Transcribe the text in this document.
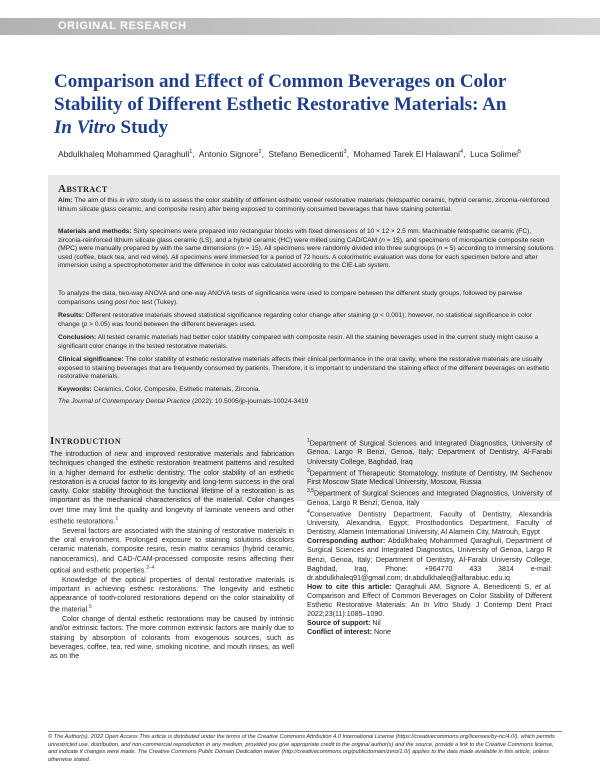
ORIGINAL RESEARCH
Comparison and Effect of Common Beverages on Color
Stability of Different Esthetic Restorative Materials: An
In Vitro Study
Abdulkhaleq Mohammed Qaraghuli$^1$,  Antonio Signore$^2$,  Stefano Benedicenti$^3$,  Mohamed Tarek El Halawani$^4$,  Luca Solimei$^5$
Abstract

Aim: The aim of this in vitro study is to assess the color stability of different esthetic veneer restorative materials (feldspathic ceramic, hybrid ceramic, zirconia-reinforced lithium silicate glass ceramic, and composite resin) after being exposed to commonly consumed beverages that have staining potential.

Materials and methods: Sixty specimens were prepared into rectangular blocks with fixed dimensions of 10 × 12 × 2.5 mm. Machinable feldspathic ceramic (FC), zirconia-reinforced lithium silicate glass ceramic (LS), and a hybrid ceramic (HC) were milled using CAD/CAM (n = 15), and specimens of microparticle composite resin (MPC) were manually prepared by with the same dimensions (n = 15). All specimens were randomly divided into three subgroups (n = 5) according to immersing solutions used (coffee, black tea, and red wine). All specimens were immersed for a period of 72 hours. A colorimetric evaluation was done for each specimen before and after immersion using a spectrophotometer and the difference in color was calculated according to the CIE-Lab system.

To analyze the data, two-way ANOVA and one-way ANOVA tests of significance were used to compare between the different study groups, followed by pairwise comparisons using post hoc test (Tukey).

Results: Different restorative materials showed statistical significance regarding color change after staining (p < 0.001); however, no statistical significance in color change (p > 0.05) was found between the different beverages used.

Conclusion: All tested ceramic materials had better color stability compared with composite resin. All the staining beverages used in the current study might cause a significant color change in the tested restorative materials.

Clinical significance: The color stability of esthetic restorative materials affects their clinical performance in the oral cavity, where the restorative materials are usually exposed to staining beverages that are frequently consumed by patients. Therefore, it is important to understand the staining effect of the different beverages on esthetic restorative materials.

Keywords: Ceramics, Color, Composite, Esthetic materials, Zirconia.

The Journal of Contemporary Dental Practice (2022): 10.5005/jp-journals-10024-3419

Introduction

The introduction of new and improved restorative materials and fabrication techniques changed the esthetic restoration treatment patterns and resulted in a higher demand for esthetic dentistry. The color stability of an esthetic restoration is a crucial factor to its longevity and long-term success in the oral cavity. Color stability throughout the functional lifetime of a restoration is as important as the mechanical characteristics of the material. Color changes over time may limit the quality and longevity of laminate veneers and other esthetic restorations.$^1$

Several factors are associated with the staining of restorative materials in the oral environment. Prolonged exposure to staining solutions discolors ceramic materials, composite resins, resin matrix ceramics (hybrid ceramic, nanoceramics), and CAD-/CAM-processed composite resins affecting their optical and esthetic properties.$^{2-4}$

Knowledge of the optical properties of dental restorative materials is important in achieving esthetic restorations. The longevity and esthetic appearance of tooth-colored restorations depend on the color stainability of the material.$^5$

Color change of dental esthetic restorations may be caused by intrinsic and/or extrinsic factors. The more common extrinsic factors are mainly due to staining by absorption of colorants from exogenous sources, such as beverages, coffee, tea, red wine, smoking nicotine, and mouth rinses, as well as on the

$^1$Department of Surgical Sciences and Integrated Diagnostics, University of Genoa, Largo R Benzi, Genoa, Italy; Department of Dentistry, Al-Farabi University College, Baghdad, Iraq

$^2$Department of Therapeutic Stomatology, Institute of Dentistry, IM Sechenov First Moscow State Medical University, Moscow, Russia

$^{3,5}$Department of Surgical Sciences and Integrated Diagnostics, University of Genoa, Largo R Benzi, Genoa, Italy

$^4$Conservative Dentistry Department, Faculty of Dentistry, Alexandria University, Alexandria, Egypt; Prosthodontics Department, Faculty of Dentistry, Alamein International University, Al Alamein City, Matrouh, Egypt

Corresponding author: Abdulkhaleq Mohammed Qaraghuli, Department of Surgical Sciences and Integrated Diagnostics, University of Genoa, Largo R Benzi, Genoa, Italy; Department of Dentistry, Al-Farabi University College, Baghdad, Iraq, Phone: +964770 433 3814 e-mail: dr.abdulkhaleq91@gmail.com; dr.abdulkhaleq@alfarabiuc.edu.iq

How to cite this article: Qaraghuli AM, Signore A, Benedicenti S, et al. Comparison and Effect of Common Beverages on Color Stability of Different Esthetic Restorative Materials: An In Vitro Study. J Contemp Dent Pract 2022;23(11):1085–1090.

Source of support: Nil

Conflict of interest: None

© The Author(s). 2022 Open Access This article is distributed under the terms of the Creative Commons Attribution 4.0 International License (https://creativecommons.org/licenses/by-nc/4.0/), which permits unrestricted use, distribution, and non-commercial reproduction in any medium, provided you give appropriate credit to the original author(s) and the source, provide a link to the Creative Commons license, and indicate if changes were made. The Creative Commons Public Domain Dedication waiver (http://creativecommons.org/publicdomain/zero/1.0/) applies to the data made available in this article, unless otherwise stated.
